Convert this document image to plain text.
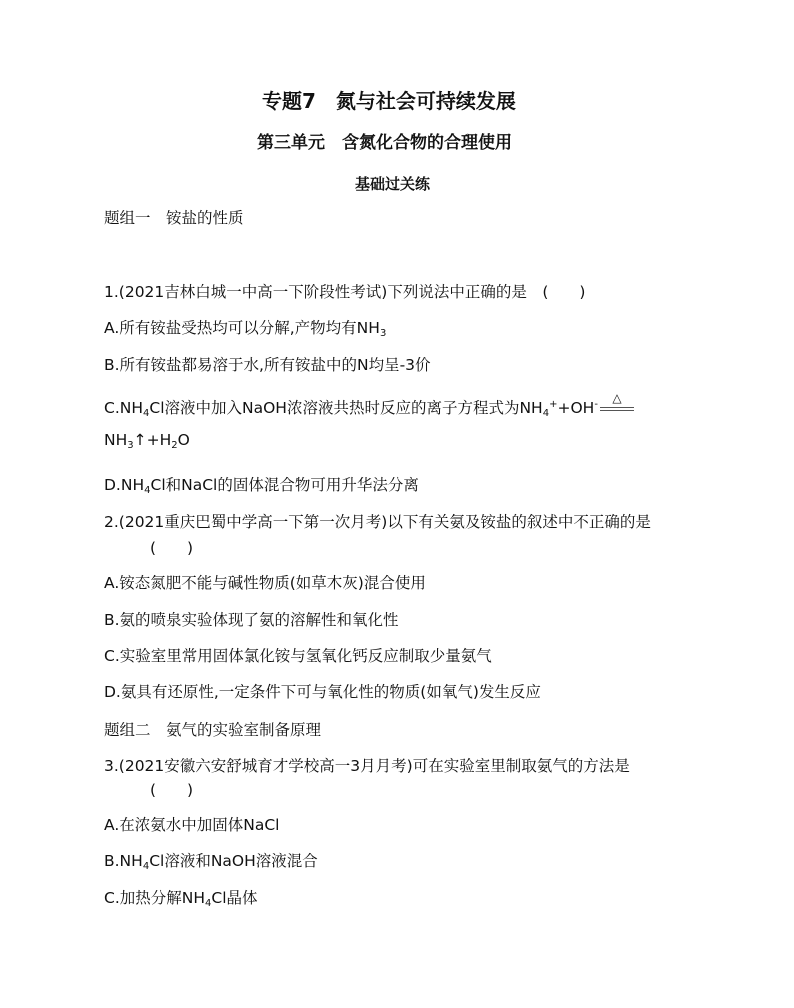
专题7　氮与社会可持续发展
第三单元　含氮化合物的合理使用
基础过关练
题组一　铵盐的性质
1.(2021吉林白城一中高一下阶段性考试)下列说法中正确的是　(　　)
A.所有铵盐受热均可以分解,产物均有$NH_3$
B.所有铵盐都易溶于水,所有铵盐中的N均呈-3价
$C.NH_4Cl$溶液中加入NaOH浓溶液共热时反应的离子方程式为$NH_4^++OH^-$	△
$NH_3↑+H_2O$
$D.NH_4Cl$和NaCl的固体混合物可用升华法分离
2.(2021重庆巴蜀中学高一下第一次月考)以下有关氨及铵盐的叙述中不正确的是
(　　)
A.铵态氮肥不能与碱性物质(如草木灰)混合使用
B.氨的喷泉实验体现了氨的溶解性和氧化性
C.实验室里常用固体氯化铵与氢氧化钙反应制取少量氨气
D.氨具有还原性,一定条件下可与氧化性的物质(如氧气)发生反应
题组二　氨气的实验室制备原理
3.(2021安徽六安舒城育才学校高一3月月考)可在实验室里制取氨气的方法是
(　　)
A.在浓氨水中加固体NaCl
$B.NH_4Cl$溶液和NaOH溶液混合
C.加热分解$NH_4Cl$晶体
